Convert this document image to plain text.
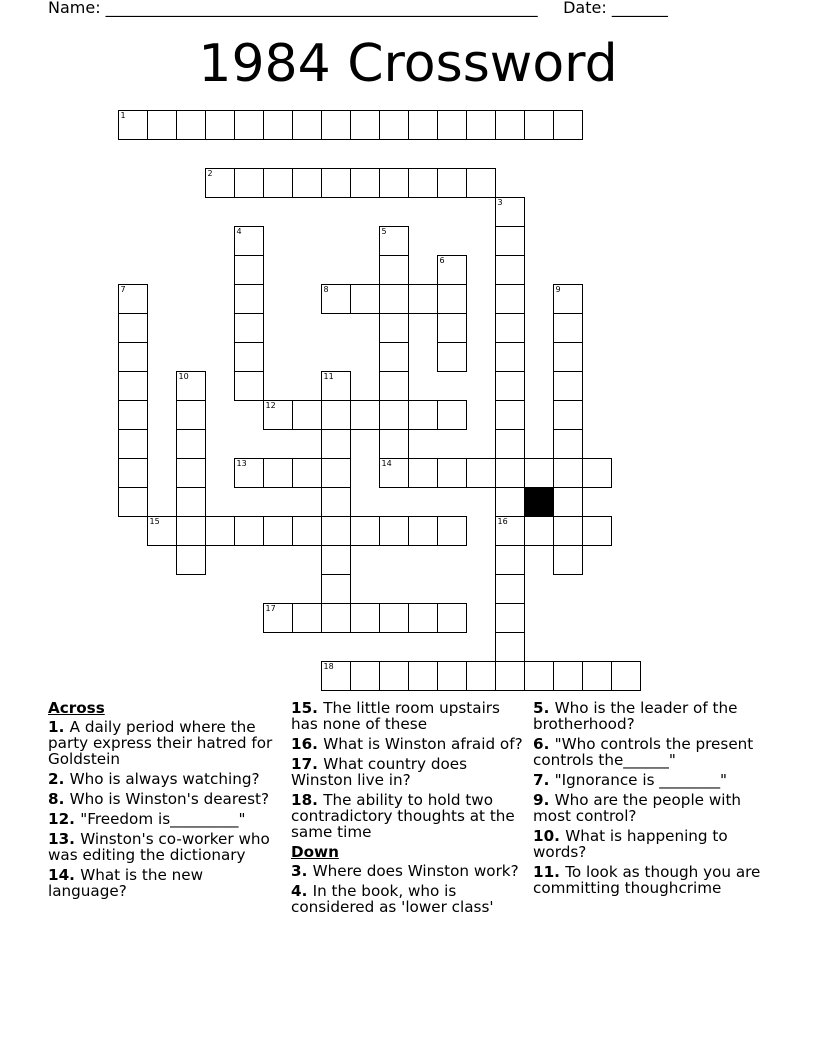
Name: ______________________________________________________     Date: _______
1984 Crossword
1
2
3
16
4	5
14
6
7	8	9
10	11
12
13
15
17
18
Across
1. A daily period where the party express their hatred for Goldstein
2. Who is always watching?
8. Who is Winston's dearest?
12. "Freedom is_________"
13. Winston's co-worker who was editing the dictionary
14. What is the new language?
15. The little room upstairs has none of these
16. What is Winston afraid of?
17. What country does Winston live in?
18. The ability to hold two contradictory thoughts at the same time
Down
3. Where does Winston work?
4. In the book, who is considered as 'lower class'
5. Who is the leader of the brotherhood?
6. "Who controls the present controls the______"
7. "Ignorance is ________"
9. Who are the people with most control?
10. What is happening to words?
11. To look as though you are committing thoughcrime
